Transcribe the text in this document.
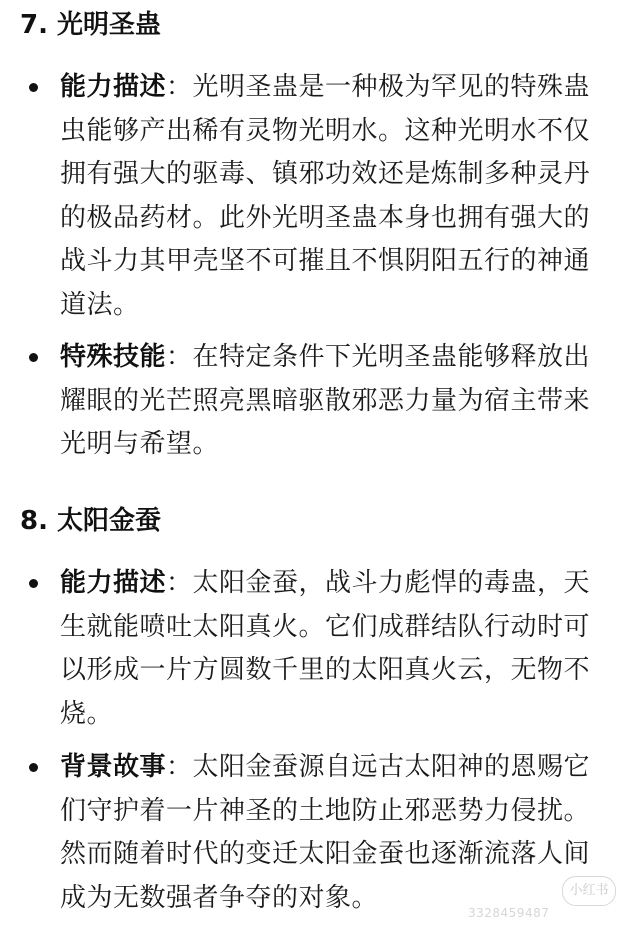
7. 光明圣蛊
能力描述：光明圣蛊是一种极为罕见的特殊蛊虫能够产出稀有灵物光明水。这种光明水不仅拥有强大的驱毒、镇邪功效还是炼制多种灵丹的极品药材。此外光明圣蛊本身也拥有强大的战斗力其甲壳坚不可摧且不惧阴阳五行的神通道法。
特殊技能：在特定条件下光明圣蛊能够释放出耀眼的光芒照亮黑暗驱散邪恶力量为宿主带来光明与希望。
8. 太阳金蚕
能力描述：太阳金蚕，战斗力彪悍的毒蛊，天生就能喷吐太阳真火。它们成群结队行动时可以形成一片方圆数千里的太阳真火云，无物不烧。
背景故事：太阳金蚕源自远古太阳神的恩赐它们守护着一片神圣的土地防止邪恶势力侵扰。然而随着时代的变迁太阳金蚕也逐渐流落人间成为无数强者争夺的对象。	小红书
3328459487
